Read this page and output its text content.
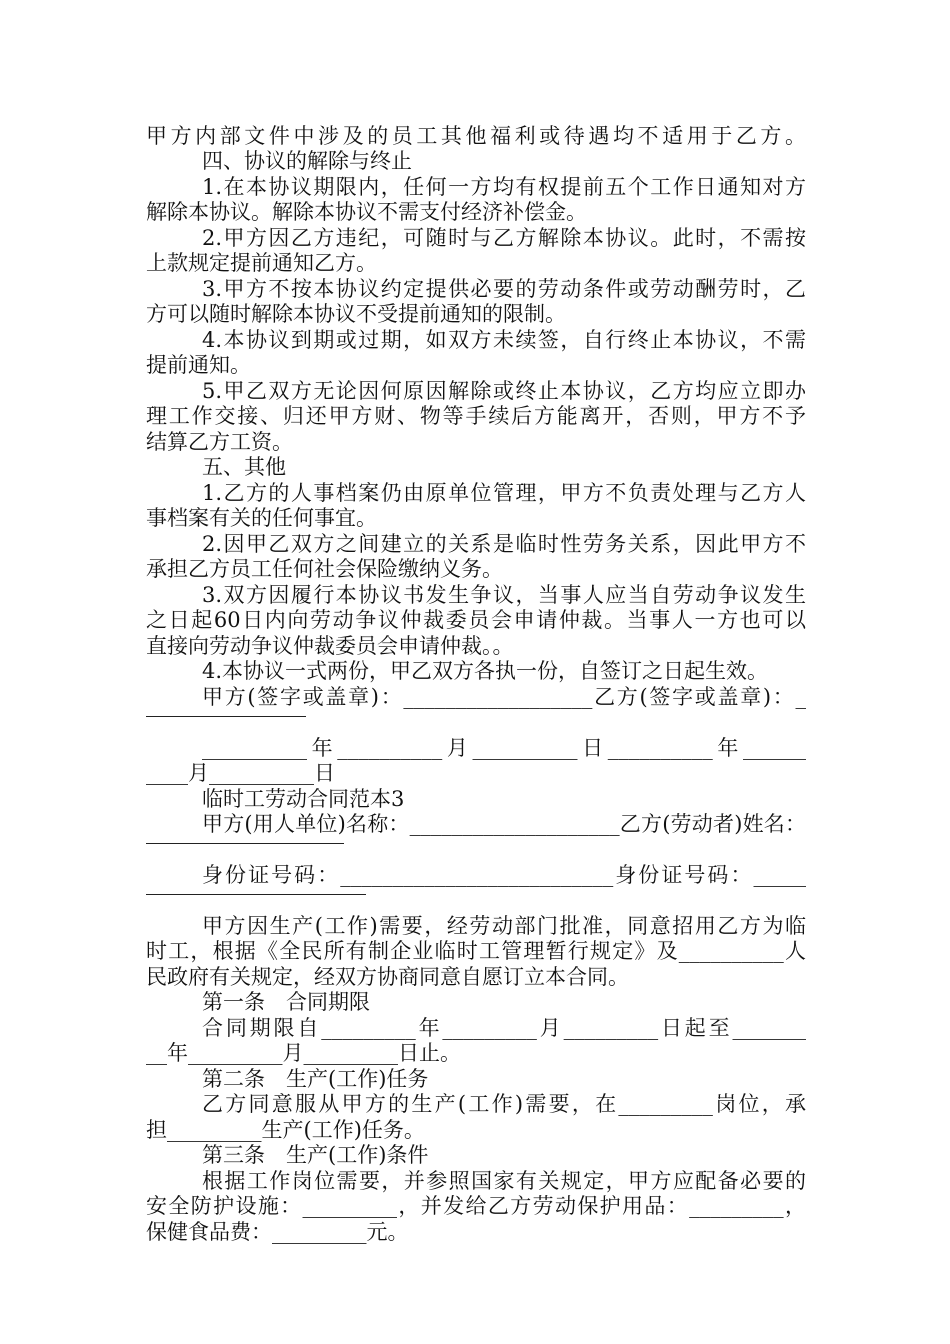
甲方内部文件中涉及的员工其他福利或待遇均不适用于乙方。
四、协议的解除与终止
1.在本协议期限内，任何一方均有权提前五个工作日通知对方
解除本协议。解除本协议不需支付经济补偿金。
2.甲方因乙方违纪，可随时与乙方解除本协议。此时，不需按
上款规定提前通知乙方。
3.甲方不按本协议约定提供必要的劳动条件或劳动酬劳时，乙
方可以随时解除本协议不受提前通知的限制。
4.本协议到期或过期，如双方未续签，自行终止本协议，不需
提前通知。
5.甲乙双方无论因何原因解除或终止本协议，乙方均应立即办
理工作交接、归还甲方财、物等手续后方能离开，否则，甲方不予
结算乙方工资。
五、其他
1.乙方的人事档案仍由原单位管理，甲方不负责处理与乙方人
事档案有关的任何事宜。
2.因甲乙双方之间建立的关系是临时性劳务关系，因此甲方不
承担乙方员工任何社会保险缴纳义务。
3.双方因履行本协议书发生争议，当事人应当自劳动争议发生
之日起60日内向劳动争议仲裁委员会申请仲裁。当事人一方也可以
直接向劳动争议仲裁委员会申请仲裁。。
4.本协议一式两份，甲乙双方各执一份，自签订之日起生效。
甲方(签字或盖章)：__________________乙方(签字或盖章)：_
__________年__________月__________日__________年______
____月__________日
临时工劳动合同范本3
甲方(用人单位)名称：____________________乙方(劳动者)姓名：
身份证号码：__________________________身份证号码：_____
甲方因生产(工作)需要，经劳动部门批准，同意招用乙方为临
时工，根据《全民所有制企业临时工管理暂行规定》及__________人
民政府有关规定，经双方协商同意自愿订立本合同。
第一条　合同期限
合同期限自_________年_________月_________日起至_______
__年_________月_________日止。
第二条　生产(工作)任务
乙方同意服从甲方的生产(工作)需要，在_________岗位，承
担_________生产(工作)任务。
第三条　生产(工作)条件
根据工作岗位需要，并参照国家有关规定，甲方应配备必要的
安全防护设施：_________，并发给乙方劳动保护用品：_________，
保健食品费：_________元。
